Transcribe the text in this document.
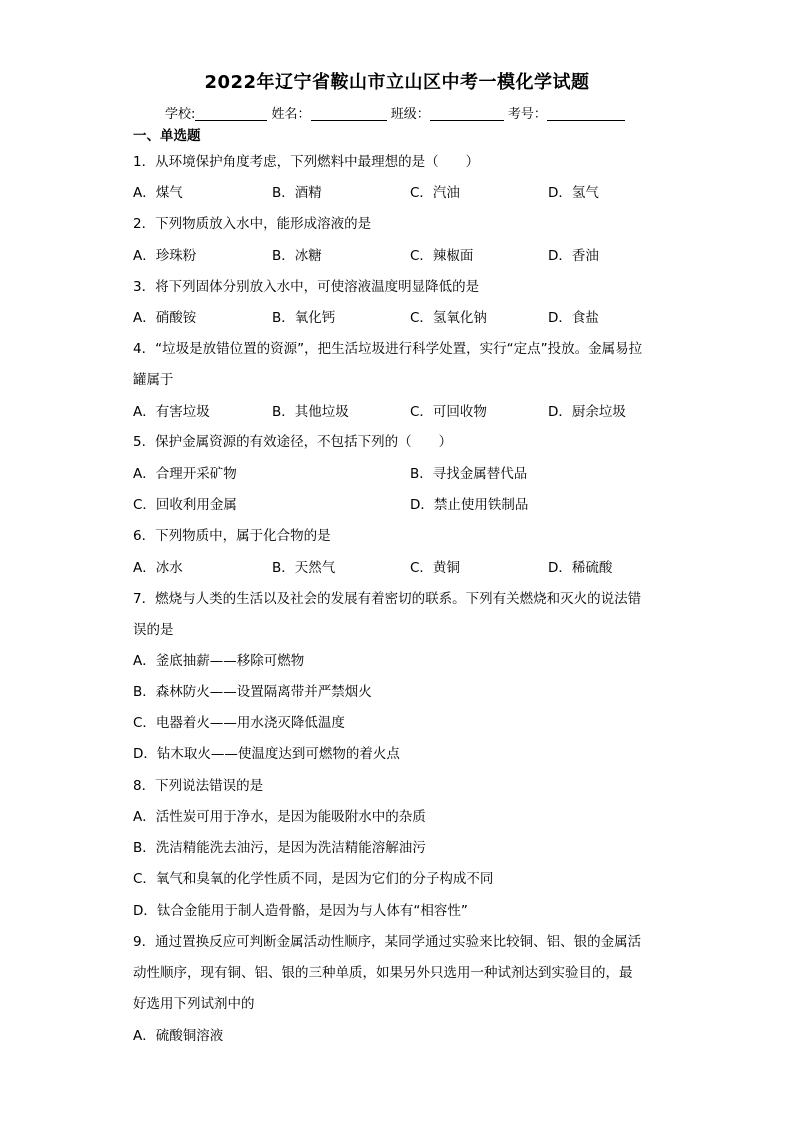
2022年辽宁省鞍山市立山区中考一模化学试题
学校:	姓名：	班级：	考号：
一、单选题
1．从环境保护角度考虑，下列燃料中最理想的是（　　）
A．煤气	B．酒精	C．汽油	D．氢气
2．下列物质放入水中，能形成溶液的是
A．珍珠粉	B．冰糖	C．辣椒面	D．香油
3．将下列固体分别放入水中，可使溶液温度明显降低的是
A．硝酸铵	B．氧化钙	C．氢氧化钠	D．食盐
4．“垃圾是放错位置的资源”，把生活垃圾进行科学处置，实行“定点”投放。金属易拉
罐属于
A．有害垃圾	B．其他垃圾	C．可回收物	D．厨余垃圾
5．保护金属资源的有效途径，不包括下列的（　　）
A．合理开采矿物	B．寻找金属替代品
C．回收利用金属	D．禁止使用铁制品
6．下列物质中，属于化合物的是
A．冰水	B．天然气	C．黄铜	D．稀硫酸
7．燃烧与人类的生活以及社会的发展有着密切的联系。下列有关燃烧和灭火的说法错
误的是
A．釜底抽薪——移除可燃物
B．森林防火——设置隔离带并严禁烟火
C．电器着火——用水浇灭降低温度
D．钻木取火——使温度达到可燃物的着火点
8．下列说法错误的是
A．活性炭可用于净水，是因为能吸附水中的杂质
B．洗洁精能洗去油污，是因为洗洁精能溶解油污
C．氧气和臭氧的化学性质不同，是因为它们的分子构成不同
D．钛合金能用于制人造骨骼，是因为与人体有“相容性”
9．通过置换反应可判断金属活动性顺序，某同学通过实验来比较铜、铝、银的金属活
动性顺序，现有铜、铝、银的三种单质，如果另外只选用一种试剂达到实验目的，最
好选用下列试剂中的
A．硫酸铜溶液
